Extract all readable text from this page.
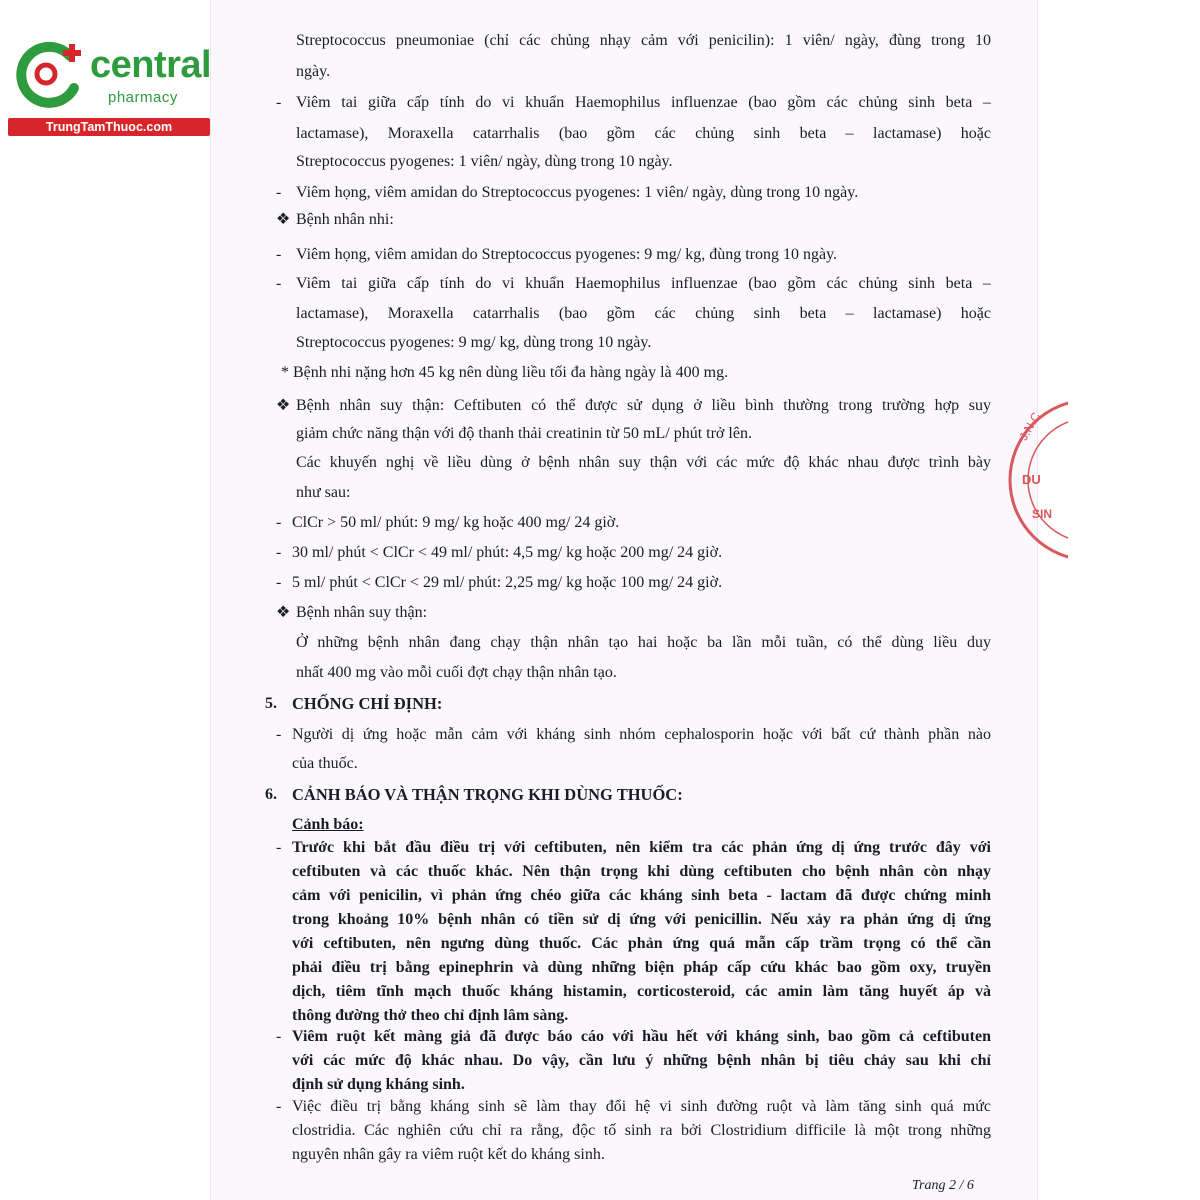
central
pharmacy
TrungTamThuoc.com
J.N.C
DU
SIN
Streptococcus pneumoniae (chỉ các chủng nhạy cảm với penicilin): 1 viên/ ngày, đùng trong 10
ngày.
- Viêm tai giữa cấp tính do vi khuẩn Haemophilus influenzae (bao gồm các chủng sinh beta –
lactamase), Moraxella catarrhalis (bao gồm các chủng sinh beta – lactamase) hoặc
Streptococcus pyogenes: 1 viên/ ngày, dùng trong 10 ngày.
- Viêm họng, viêm amidan do Streptococcus pyogenes: 1 viên/ ngày, dùng trong 10 ngày.
❖ Bệnh nhân nhi:
- Viêm họng, viêm amidan do Streptococcus pyogenes: 9 mg/ kg, đùng trong 10 ngày.
- Viêm tai giữa cấp tính do vi khuẩn Haemophilus influenzae (bao gồm các chủng sinh beta –
lactamase), Moraxella catarrhalis (bao gồm các chủng sinh beta – lactamase) hoặc
Streptococcus pyogenes: 9 mg/ kg, dùng trong 10 ngày.
* Bệnh nhi nặng hơn 45 kg nên dùng liều tối đa hàng ngày là 400 mg.
❖ Bệnh nhân suy thận: Ceftibuten có thể được sử dụng ở liều bình thường trong trường hợp suy
giảm chức năng thận với độ thanh thải creatinin từ 50 mL/ phút trở lên.
Các khuyến nghị về liều dùng ở bệnh nhân suy thận với các mức độ khác nhau được trình bày
như sau:
- ClCr > 50 ml/ phút: 9 mg/ kg hoặc 400 mg/ 24 giờ.
- 30 ml/ phút < ClCr < 49 ml/ phút: 4,5 mg/ kg hoặc 200 mg/ 24 giờ.
- 5 ml/ phút < ClCr < 29 ml/ phút: 2,25 mg/ kg hoặc 100 mg/ 24 giờ.
❖ Bệnh nhân suy thận:
Ở những bệnh nhân đang chạy thận nhân tạo hai hoặc ba lần mỗi tuần, có thể dùng liều duy
nhất 400 mg vào mỗi cuối đợt chạy thận nhân tạo.
5. CHỐNG CHỈ ĐỊNH:
- Người dị ứng hoặc mẫn cảm với kháng sinh nhóm cephalosporin hoặc với bất cứ thành phần nào
của thuốc.
6. CẢNH BÁO VÀ THẬN TRỌNG KHI DÙNG THUỐC:
Cảnh báo:
- Trước khi bắt đầu điều trị với ceftibuten, nên kiểm tra các phản ứng dị ứng trước đây với
ceftibuten và các thuốc khác. Nên thận trọng khi dùng ceftibuten cho bệnh nhân còn nhạy
cảm với penicilin, vì phản ứng chéo giữa các kháng sinh beta - lactam đã được chứng minh
trong khoảng 10% bệnh nhân có tiền sử dị ứng với penicillin. Nếu xảy ra phản ứng dị ứng
với ceftibuten, nên ngưng dùng thuốc. Các phản ứng quá mẫn cấp trầm trọng có thể cần
phải điều trị bằng epinephrin và dùng những biện pháp cấp cứu khác bao gồm oxy, truyền
dịch, tiêm tĩnh mạch thuốc kháng histamin, corticosteroid, các amin làm tăng huyết áp và
thông đường thở theo chỉ định lâm sàng.
- Viêm ruột kết màng giả đã được báo cáo với hầu hết với kháng sinh, bao gồm cả ceftibuten
với các mức độ khác nhau. Do vậy, cần lưu ý những bệnh nhân bị tiêu chảy sau khi chỉ
định sử dụng kháng sinh.
- Việc điều trị bằng kháng sinh sẽ làm thay đổi hệ vi sinh đường ruột và làm tăng sinh quá mức
clostridia. Các nghiên cứu chỉ ra rằng, độc tố sinh ra bởi Clostridium difficile là một trong những
nguyên nhân gây ra viêm ruột kết do kháng sinh.
Trang 2 / 6
